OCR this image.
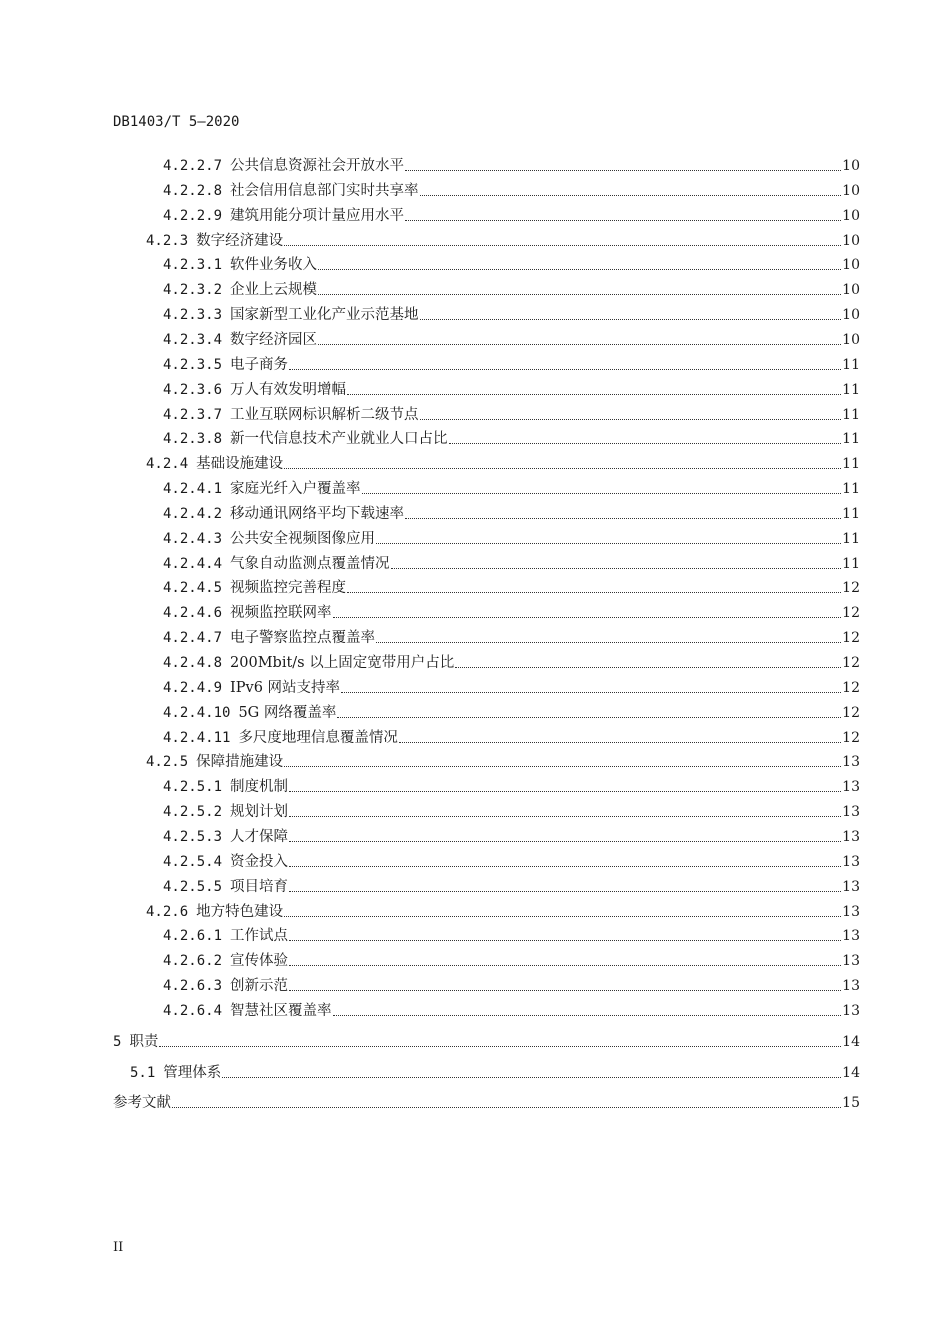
DB1403/T 5—2020
4.2.2.7 公共信息资源社会开放水平	10
4.2.2.8 社会信用信息部门实时共享率	10
4.2.2.9 建筑用能分项计量应用水平	10
4.2.3 数字经济建设	10
4.2.3.1 软件业务收入	10
4.2.3.2 企业上云规模	10
4.2.3.3 国家新型工业化产业示范基地	10
4.2.3.4 数字经济园区	10
4.2.3.5 电子商务	11
4.2.3.6 万人有效发明增幅	11
4.2.3.7 工业互联网标识解析二级节点	11
4.2.3.8 新一代信息技术产业就业人口占比	11
4.2.4 基础设施建设	11
4.2.4.1 家庭光纤入户覆盖率	11
4.2.4.2 移动通讯网络平均下载速率	11
4.2.4.3 公共安全视频图像应用	11
4.2.4.4 气象自动监测点覆盖情况	11
4.2.4.5 视频监控完善程度	12
4.2.4.6 视频监控联网率	12
4.2.4.7 电子警察监控点覆盖率	12
4.2.4.8 200Mbit/s 以上固定宽带用户占比	12
4.2.4.9 IPv6 网站支持率	12
4.2.4.10 5G 网络覆盖率	12
4.2.4.11 多尺度地理信息覆盖情况	12
4.2.5 保障措施建设	13
4.2.5.1 制度机制	13
4.2.5.2 规划计划	13
4.2.5.3 人才保障	13
4.2.5.4 资金投入	13
4.2.5.5 项目培育	13
4.2.6 地方特色建设	13
4.2.6.1 工作试点	13
4.2.6.2 宣传体验	13
4.2.6.3 创新示范	13
4.2.6.4 智慧社区覆盖率	13
5 职责	14
5.1 管理体系	14
参考文献	15
II
